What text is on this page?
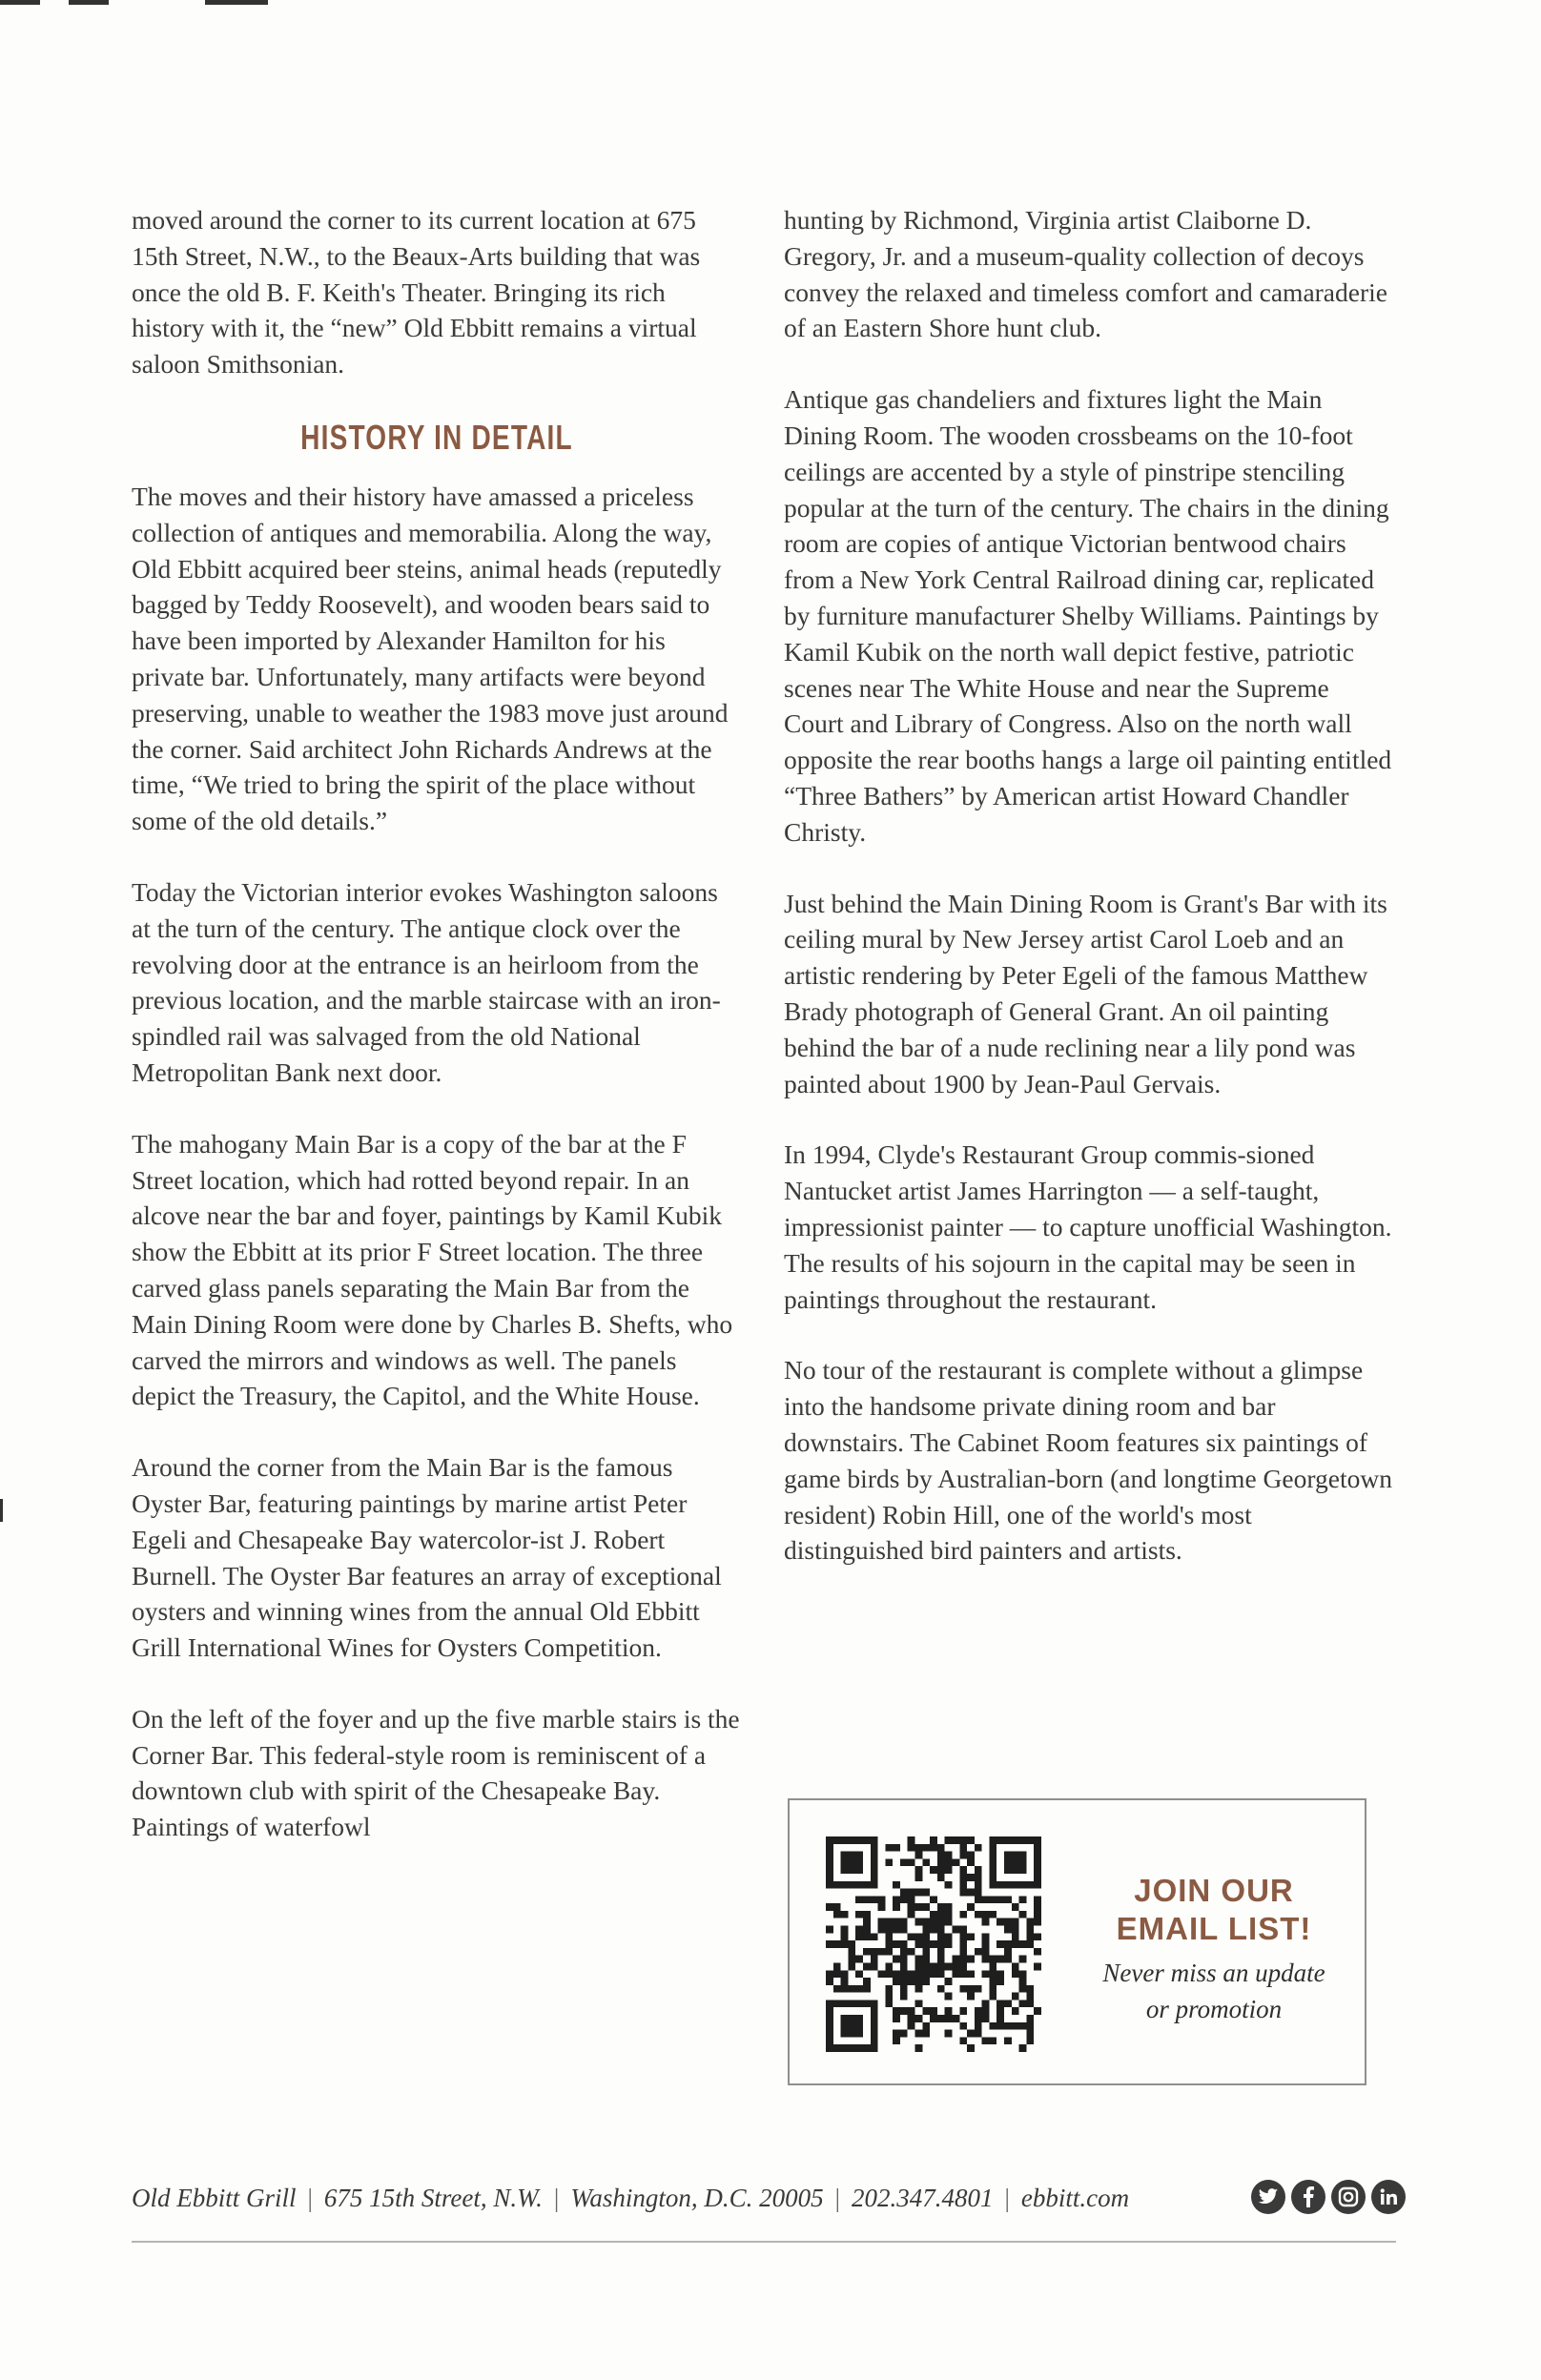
moved around the corner to its current location at 675 15th Street, N.W., to the Beaux-Arts building that was once the old B. F. Keith's Theater. Bringing its rich history with it, the “new” Old Ebbitt remains a virtual saloon Smithsonian.

HISTORY IN DETAIL

The moves and their history have amassed a priceless collection of antiques and memorabilia. Along the way, Old Ebbitt acquired beer steins, animal heads (reputedly bagged by Teddy Roosevelt), and wooden bears said to have been imported by Alexander Hamilton for his private bar. Unfortunately, many artifacts were beyond preserving, unable to weather the 1983 move just around the corner. Said architect John Richards Andrews at the time, “We tried to bring the spirit of the place without some of the old details.”

Today the Victorian interior evokes Washington saloons at the turn of the century. The antique clock over the revolving door at the entrance is an heirloom from the previous location, and the marble staircase with an iron-spindled rail was salvaged from the old National Metropolitan Bank next door.

The mahogany Main Bar is a copy of the bar at the F Street location, which had rotted beyond repair. In an alcove near the bar and foyer, paintings by Kamil Kubik show the Ebbitt at its prior F Street location. The three carved glass panels separating the Main Bar from the Main Dining Room were done by Charles B. Shefts, who carved the mirrors and windows as well. The panels depict the Treasury, the Capitol, and the White House.

Around the corner from the Main Bar is the famous Oyster Bar, featuring paintings by marine artist Peter Egeli and Chesapeake Bay watercolor-ist J. Robert Burnell. The Oyster Bar features an array of exceptional oysters and winning wines from the annual Old Ebbitt Grill International Wines for Oysters Competition.

On the left of the foyer and up the five marble stairs is the Corner Bar. This federal-style room is reminiscent of a downtown club with spirit of the Chesapeake Bay. Paintings of waterfowl

hunting by Richmond, Virginia artist Claiborne D. Gregory, Jr. and a museum-quality collection of decoys convey the relaxed and timeless comfort and camaraderie of an Eastern Shore hunt club.

Antique gas chandeliers and fixtures light the Main Dining Room. The wooden crossbeams on the 10-foot ceilings are accented by a style of pinstripe stenciling popular at the turn of the century. The chairs in the dining room are copies of antique Victorian bentwood chairs from a New York Central Railroad dining car, replicated by furniture manufacturer Shelby Williams. Paintings by Kamil Kubik on the north wall depict festive, patriotic scenes near The White House and near the Supreme Court and Library of Congress. Also on the north wall opposite the rear booths hangs a large oil painting entitled “Three Bathers” by American artist Howard Chandler Christy.

Just behind the Main Dining Room is Grant's Bar with its ceiling mural by New Jersey artist Carol Loeb and an artistic rendering by Peter Egeli of the famous Matthew Brady photograph of General Grant. An oil painting behind the bar of a nude reclining near a lily pond was painted about 1900 by Jean-Paul Gervais.

In 1994, Clyde's Restaurant Group commis-sioned Nantucket artist James Harrington — a self-taught, impressionist painter — to capture unofficial Washington. The results of his sojourn in the capital may be seen in paintings throughout the restaurant.

No tour of the restaurant is complete without a glimpse into the handsome private dining room and bar downstairs. The Cabinet Room features six paintings of game birds by Australian-born (and longtime Georgetown resident) Robin Hill, one of the world's most distinguished bird painters and artists.

JOIN OUR
EMAIL LIST!
Never miss an update
or promotion
Old Ebbitt Grill | 675 15th Street, N.W. | Washington, D.C. 20005 | 202.347.4801 | ebbitt.com
